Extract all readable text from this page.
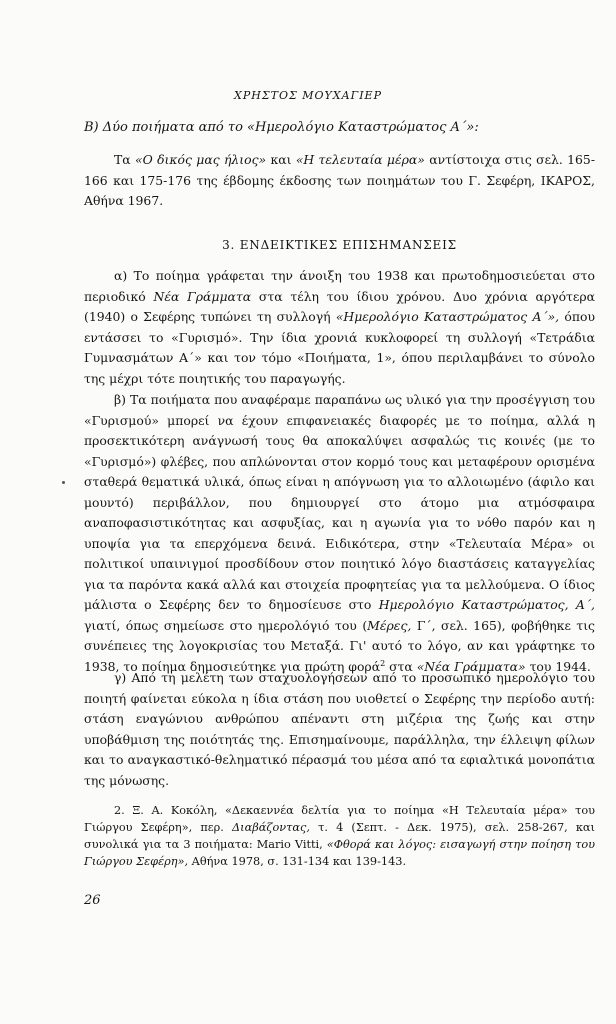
ΧΡΗΣΤΟΣ ΜΟΥΧΑΓΙΕΡ
B) Δύο ποιήματα από το «Ημερολόγιο Καταστρώματος Α΄»:

Τα «Ο δικός μας ήλιος» και «Η τελευταία μέρα» αντίστοιχα στις σελ. 165-166 και 175-176 της έβδομης έκδοσης των ποιημάτων του Γ. Σεφέρη, ΙΚΑΡΟΣ, Αθήνα 1967.

3. ΕΝΔΕΙΚΤΙΚΕΣ ΕΠΙΣΗΜΑΝΣΕΙΣ

α) Το ποίημα γράφεται την άνοιξη του 1938 και πρωτοδημοσιεύεται στο περιοδικό Νέα Γράμματα στα τέλη του ίδιου χρόνου. Δυο χρόνια αργότερα (1940) ο Σεφέρης τυπώνει τη συλλογή «Ημερολόγιο Καταστρώματος Α΄», όπου εντάσσει το «Γυρισμό». Την ίδια χρονιά κυκλοφορεί τη συλλογή «Τετράδια Γυμνασμάτων Α΄» και τον τόμο «Ποιήματα, 1», όπου περιλαμβάνει το σύνολο της μέχρι τότε ποιητικής του παραγωγής.

β) Τα ποιήματα που αναφέραμε παραπάνω ως υλικό για την προσέγγιση του «Γυρισμού» μπορεί να έχουν επιφανειακές διαφορές με το ποίημα, αλλά η προσεκτικότερη ανάγνωσή τους θα αποκαλύψει ασφαλώς τις κοινές (με το «Γυρισμό») φλέβες, που απλώνονται στον κορμό τους και μεταφέρουν ορισμένα σταθερά θεματικά υλικά, όπως είναι η απόγνωση για το αλλοιωμένο (άφιλο και μουντό) περιβάλλον, που δημιουργεί στο άτομο μια ατμόσφαιρα αναποφασιστικότητας και ασφυξίας, και η αγωνία για το νόθο παρόν και η υποψία για τα επερχόμενα δεινά. Ειδικότερα, στην «Τελευταία Μέρα» οι πολιτικοί υπαινιγμοί προσδίδουν στον ποιητικό λόγο διαστάσεις καταγγελίας για τα παρόντα κακά αλλά και στοιχεία προφητείας για τα μελλούμενα. Ο ίδιος μάλιστα ο Σεφέρης δεν το δημοσίευσε στο Ημερολόγιο Καταστρώματος, Α΄, γιατί, όπως σημείωσε στο ημερολόγιό του (Μέρες, Γ΄, σελ. 165), φοβήθηκε τις συνέπειες της λογοκρισίας του Μεταξά. Γι' αυτό το λόγο, αν και γράφτηκε το 1938, το ποίημα δημοσιεύτηκε για πρώτη φορά$^2$ στα «Νέα Γράμματα» του 1944.

γ) Από τη μελέτη των σταχυολογήσεων από το προσωπικό ημερολόγιο του ποιητή φαίνεται εύκολα η ίδια στάση που υιοθετεί ο Σεφέρης την περίοδο αυτή: στάση εναγώνιου ανθρώπου απέναντι στη μιζέρια της ζωής και στην υποβάθμιση της ποιότητάς της. Επισημαίνουμε, παράλληλα, την έλλειψη φίλων και το αναγκαστικό-θεληματικό πέρασμά του μέσα από τα εφιαλτικά μονοπάτια της μόνωσης.

2. Ξ. Α. Κοκόλη, «Δεκαεννέα δελτία για το ποίημα «Η Τελευταία μέρα» του Γιώργου Σεφέρη», περ. Διαβάζοντας, τ. 4 (Σεπτ. - Δεκ. 1975), σελ. 258-267, και συνολικά για τα 3 ποιήματα: Mario Vitti, «Φθορά και λόγος: εισαγωγή στην ποίηση του Γιώργου Σεφέρη», Αθήνα 1978, σ. 131-134 και 139-143.
26
